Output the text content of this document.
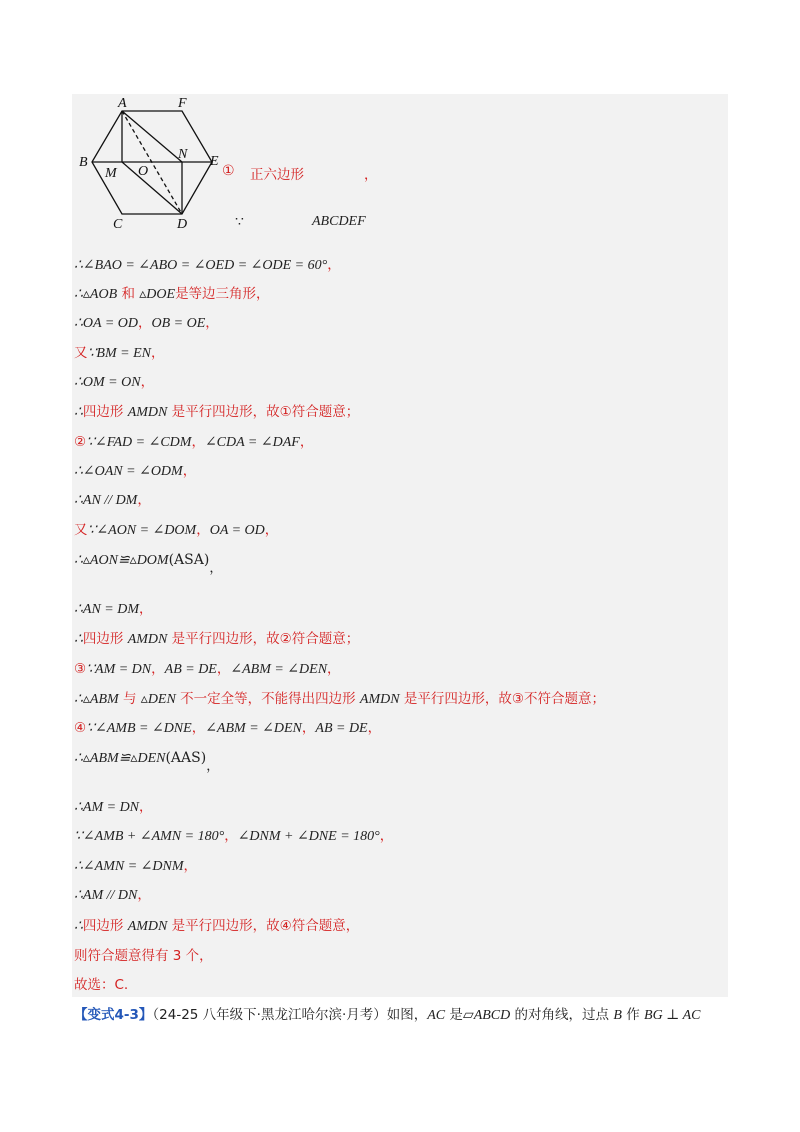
A	F
B
M O
N E
C	D
① 正六边形	，
∵	ABCDEF
∴∠BAO = ∠ABO = ∠OED = ∠ODE = 60°，
∴▵AOB 和 ▵DOE是等边三角形，
∴OA = OD，OB = OE，
又∵BM = EN，
∴OM = ON，
∴四边形 AMDN 是平行四边形，故①符合题意；
②∵∠FAD = ∠CDM，∠CDA = ∠DAF，
∴∠OAN = ∠ODM，
∴AN // DM，
又∵∠AON = ∠DOM，OA = OD，
∴▵AON≌▵DOM(ASA)，
∴AN = DM，
∴四边形 AMDN 是平行四边形，故②符合题意；
③∵AM = DN，AB = DE，∠ABM = ∠DEN，
∴▵ABM 与 ▵DEN 不一定全等，不能得出四边形 AMDN 是平行四边形，故③不符合题意；
④∵∠AMB = ∠DNE，∠ABM = ∠DEN，AB = DE，
∴▵ABM≌▵DEN(AAS)，
∴AM = DN，
∵∠AMB + ∠AMN = 180°，∠DNM + ∠DNE = 180°，
∴∠AMN = ∠DNM，
∴AM // DN，
∴四边形 AMDN 是平行四边形，故④符合题意，
则符合题意得有 3 个，
故选：C.
【变式4-3】（24-25 八年级下·黑龙江哈尔滨·月考）如图，AC 是▱ABCD 的对角线，过点 B 作 BG ⊥ AC
